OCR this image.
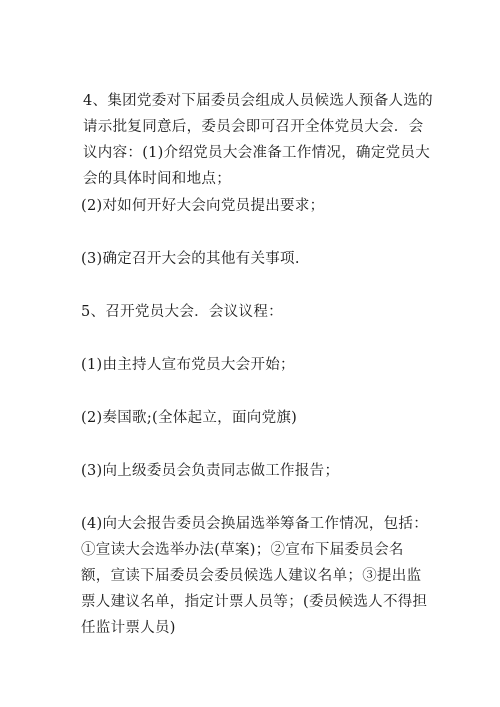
4、集团党委对下届委员会组成人员候选人预备人选的请示批复同意后，委员会即可召开全体党员大会．会议内容：(1)介绍党员大会准备工作情况，确定党员大会的具体时间和地点；

(2)对如何开好大会向党员提出要求；

(3)确定召开大会的其他有关事项.

5、召开党员大会．会议议程：

(1)由主持人宣布党员大会开始；

(2)奏国歌;(全体起立，面向党旗)

(3)向上级委员会负责同志做工作报告；

(4)向大会报告委员会换届选举筹备工作情况，包括：①宣读大会选举办法(草案)；②宣布下届委员会名额，宣读下届委员会委员候选人建议名单；③提出监票人建议名单，指定计票人员等；(委员候选人不得担任监计票人员)
